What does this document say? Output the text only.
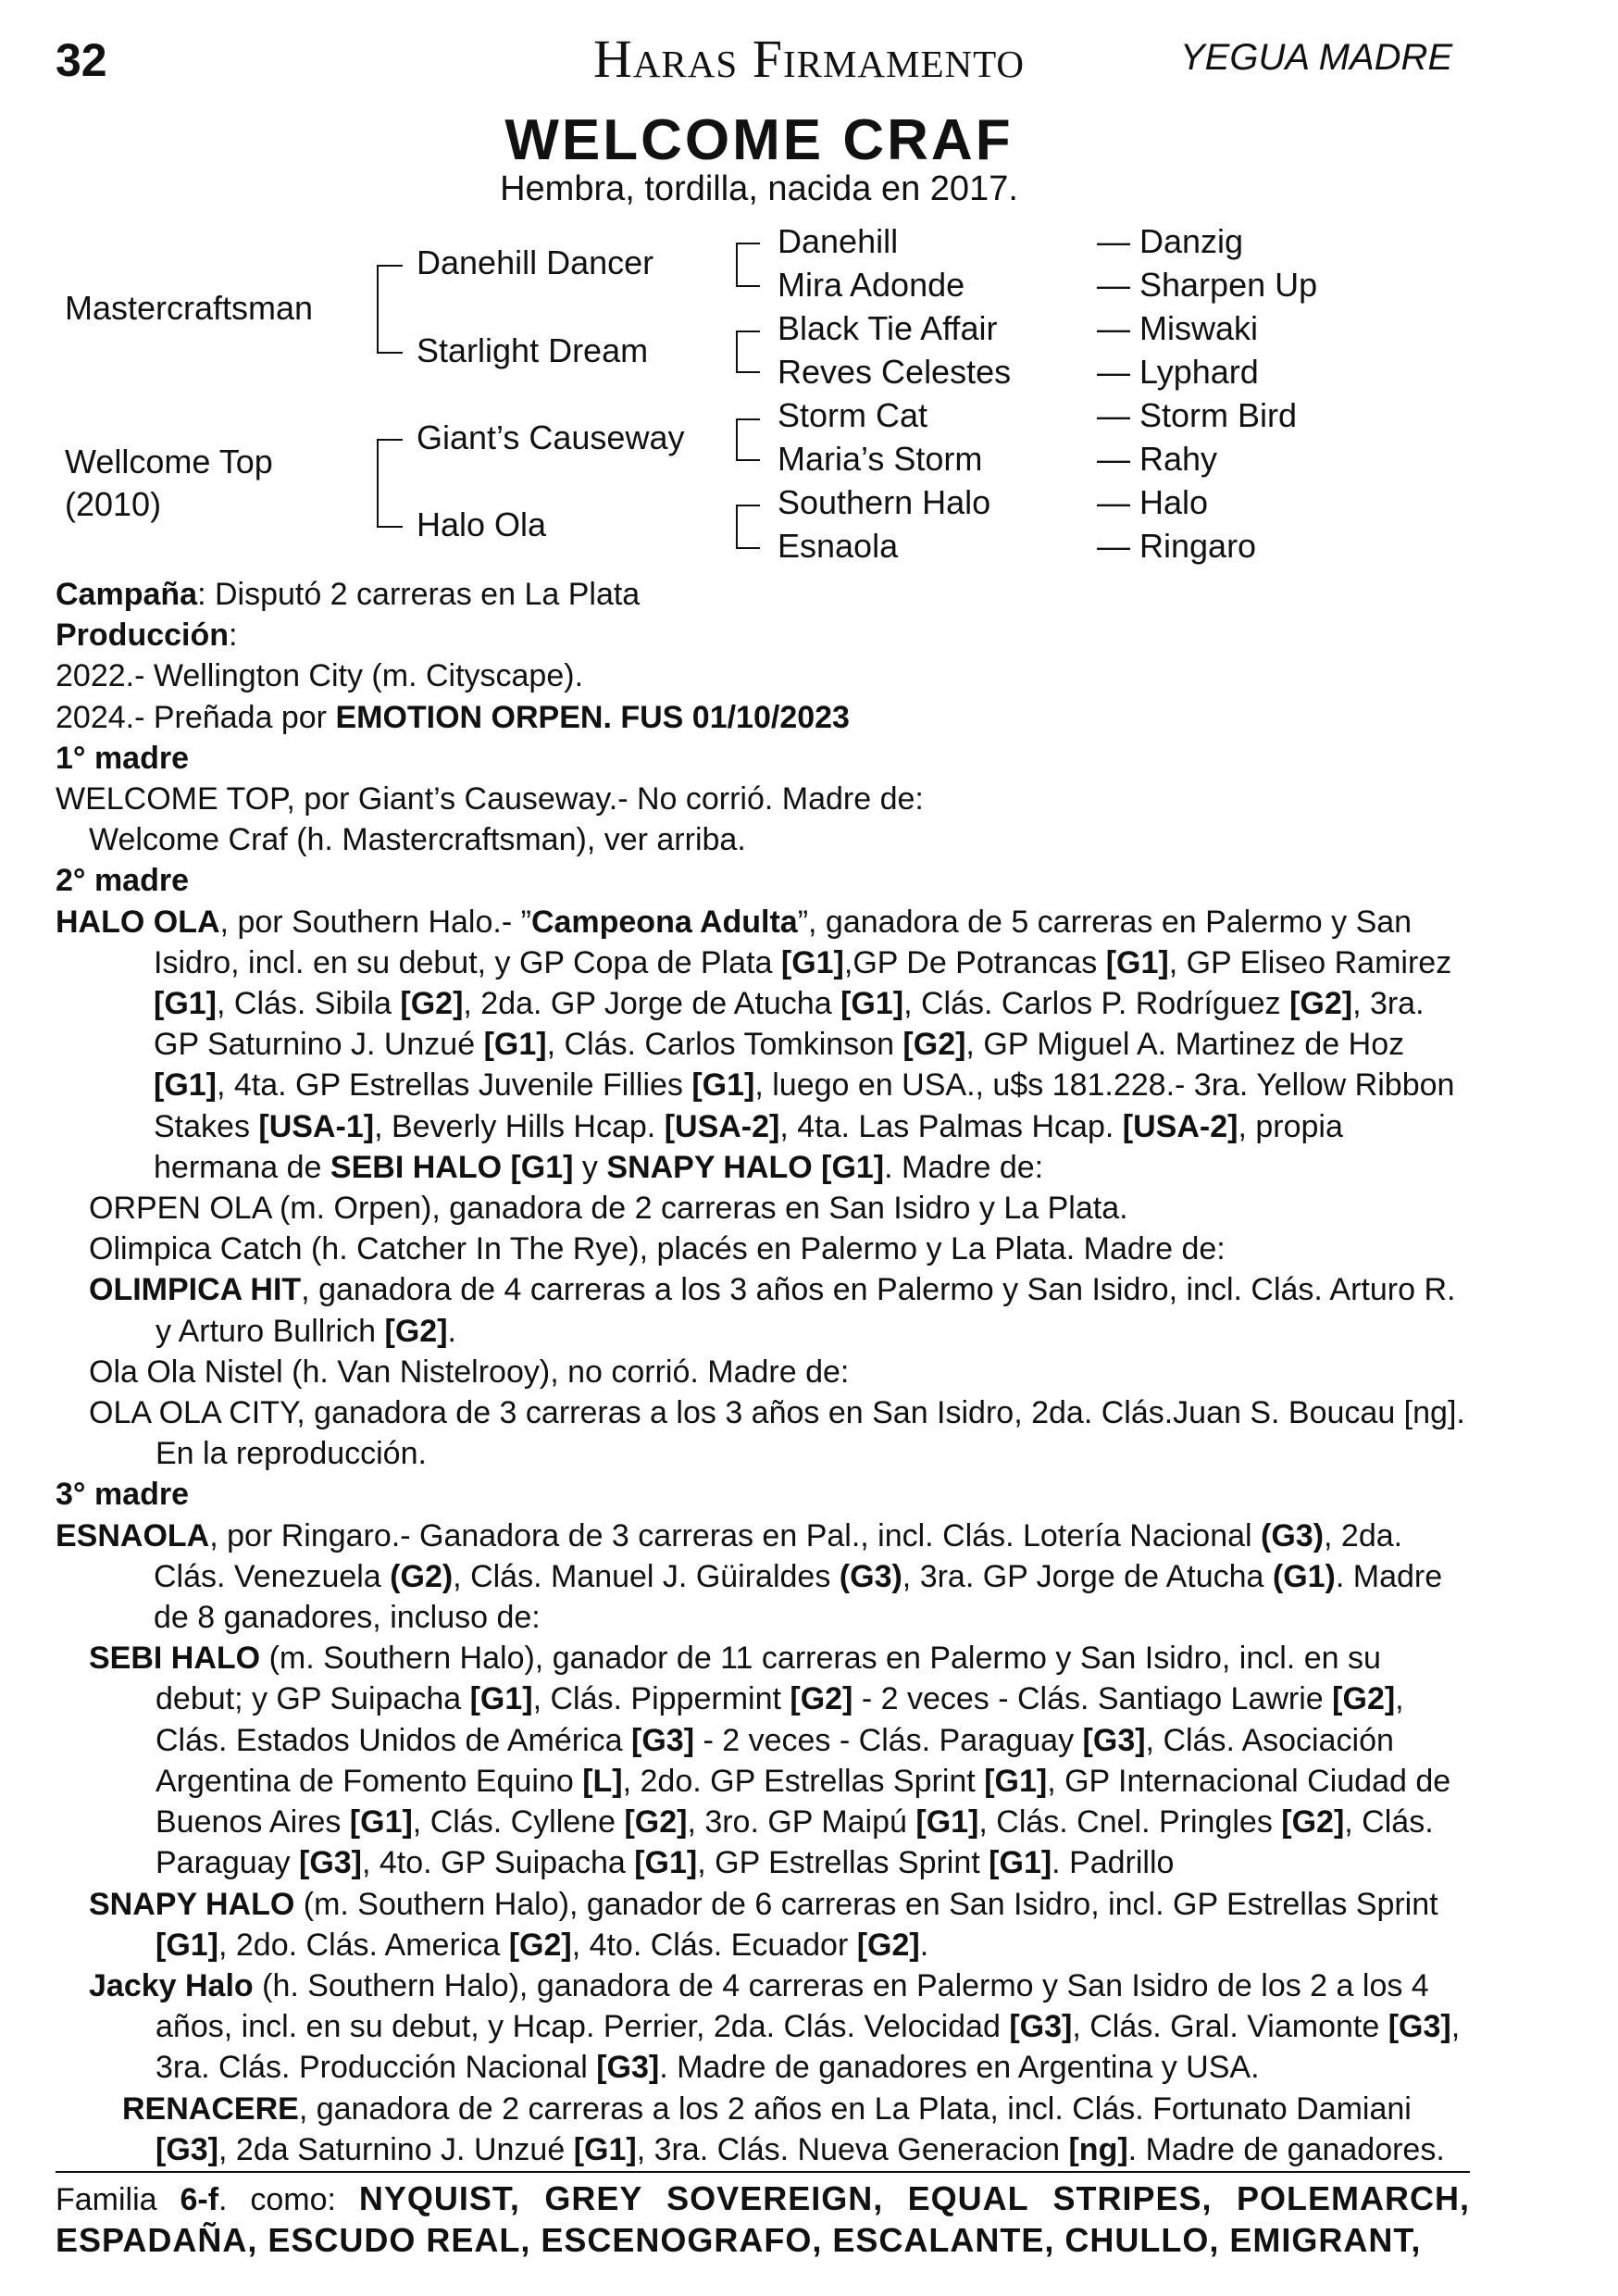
32	Haras Firmamento	YEGUA MADRE
WELCOME CRAF
Hembra, tordilla, nacida en 2017.
Mastercraftsman
Wellcome Top
(2010)
Danehill Dancer
Starlight Dream
Giant’s Causeway
Halo Ola
Danehill
Mira Adonde
Black Tie Affair
Reves Celestes
Storm Cat
Maria’s Storm
Southern Halo
Esnaola
— Danzig
— Sharpen Up
— Miswaki
— Lyphard
— Storm Bird
— Rahy
— Halo
— Ringaro

Campaña: Disputó 2 carreras en La Plata

Producción:

2022.- Wellington City (m. Cityscape).

2024.- Preñada por EMOTION ORPEN. FUS 01/10/2023

1° madre

WELCOME TOP, por Giant’s Causeway.- No corrió. Madre de:

Welcome Craf (h. Mastercraftsman), ver arriba.

2° madre

HALO OLA, por Southern Halo.- ”Campeona Adulta”, ganadora de 5 carreras en Palermo y San Isidro, incl. en su debut, y GP Copa de Plata [G1],GP De Potrancas [G1], GP Eliseo Ramirez [G1], Clás. Sibila [G2], 2da. GP Jorge de Atucha [G1], Clás. Carlos P. Rodríguez [G2], 3ra. GP Saturnino J. Unzué [G1], Clás. Carlos Tomkinson [G2], GP Miguel A. Martinez de Hoz [G1], 4ta. GP Estrellas Juvenile Fillies [G1], luego en USA., u$s 181.228.- 3ra. Yellow Ribbon Stakes [USA-1], Beverly Hills Hcap. [USA-2], 4ta. Las Palmas Hcap. [USA-2], propia hermana de SEBI HALO [G1] y SNAPY HALO [G1]. Madre de:

ORPEN OLA (m. Orpen), ganadora de 2 carreras en San Isidro y La Plata.

Olimpica Catch (h. Catcher In The Rye), placés en Palermo y La Plata. Madre de:

OLIMPICA HIT, ganadora de 4 carreras a los 3 años en Palermo y San Isidro, incl. Clás. Arturo R. y Arturo Bullrich [G2].

Ola Ola Nistel (h. Van Nistelrooy), no corrió. Madre de:

OLA OLA CITY, ganadora de 3 carreras a los 3 años en San Isidro, 2da. Clás.Juan S. Boucau [ng]. En la reproducción.

3° madre

ESNAOLA, por Ringaro.- Ganadora de 3 carreras en Pal., incl. Clás. Lotería Nacional (G3), 2da. Clás. Venezuela (G2), Clás. Manuel J. Güiraldes (G3), 3ra. GP Jorge de Atucha (G1). Madre de 8 ganadores, incluso de:

SEBI HALO (m. Southern Halo), ganador de 11 carreras en Palermo y San Isidro, incl. en su debut; y GP Suipacha [G1], Clás. Pippermint [G2] - 2 veces - Clás. Santiago Lawrie [G2], Clás. Estados Unidos de América [G3] - 2 veces - Clás. Paraguay [G3], Clás. Asociación Argentina de Fomento Equino [L], 2do. GP Estrellas Sprint [G1], GP Internacional Ciudad de Buenos Aires [G1], Clás. Cyllene [G2], 3ro. GP Maipú [G1], Clás. Cnel. Pringles [G2], Clás. Paraguay [G3], 4to. GP Suipacha [G1], GP Estrellas Sprint [G1]. Padrillo

SNAPY HALO (m. Southern Halo), ganador de 6 carreras en San Isidro, incl. GP Estrellas Sprint [G1], 2do. Clás. America [G2], 4to. Clás. Ecuador [G2].

Jacky Halo (h. Southern Halo), ganadora de 4 carreras en Palermo y San Isidro de los 2 a los 4 años, incl. en su debut, y Hcap. Perrier, 2da. Clás. Velocidad [G3], Clás. Gral. Viamonte [G3], 3ra. Clás. Producción Nacional [G3]. Madre de ganadores en Argentina y USA.

RENACERE, ganadora de 2 carreras a los 2 años en La Plata, incl. Clás. Fortunato Damiani [G3], 2da Saturnino J. Unzué [G1], 3ra. Clás. Nueva Generacion [ng]. Madre de ganadores.

Familia 6-f. como: NYQUIST, GREY SOVEREIGN, EQUAL STRIPES, POLEMARCH, ESPADAÑA, ESCUDO REAL, ESCENOGRAFO, ESCALANTE, CHULLO, EMIGRANT,
